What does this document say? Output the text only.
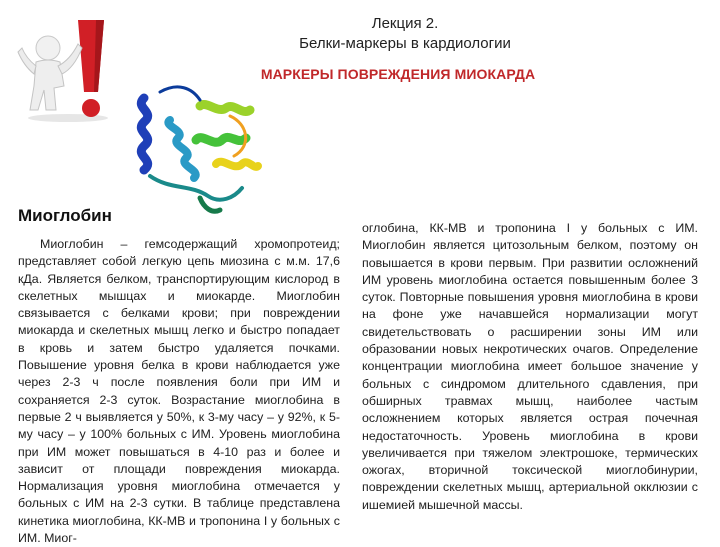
Лекция 2.
Белки-маркеры в кардиологии
МАРКЕРЫ ПОВРЕЖДЕНИЯ МИОКАРДА
Миоглобин
Миоглобин – гемсодержащий хромопротеид; представляет собой легкую цепь миозина с м.м. 17,6 кДа. Является белком, транспортирующим кислород в скелетных мышцах и миокарде. Миоглобин связывается с белками крови; при повреждении миокарда и скелетных мышц легко и быстро попадает в кровь и затем быстро удаляется почками. Повышение уровня белка в крови наблюдается уже через 2-3 ч после появления боли при ИМ и сохраняется 2-3 суток. Возрастание миоглобина в первые 2 ч выявляется у 50%, к 3-му часу – у 92%, к 5-му часу – у 100% больных с ИМ. Уровень миоглобина при ИМ может повышаться в 4-10 раз и более и зависит от площади повреждения миокарда. Нормализация уровня миоглобина отмечается у больных с ИМ на 2-3 сутки. В таблице представлена кинетика миоглобина, КК-МВ и тропонина I у больных с ИМ. Миог-
оглобина, КК-МВ и тропонина I у больных с ИМ. Миоглобин является цитозольным белком, поэтому он повышается в крови первым. При развитии осложнений ИМ уровень миоглобина остается повышенным более 3 суток. Повторные повышения уровня миоглобина в крови на фоне уже начавшейся нормализации могут свидетельствовать о расширении зоны ИМ или образовании новых некротических очагов. Определение концентрации миоглобина имеет большое значение у больных с синдромом длительного сдавления, при обширных травмах мышц, наиболее частым осложнением которых является острая почечная недостаточность. Уровень миоглобина в крови увеличивается при тяжелом электрошоке, термических ожогах, вторичной токсической миоглобинурии, повреждении скелетных мышц, артериальной окклюзии с ишемией мышечной массы.
